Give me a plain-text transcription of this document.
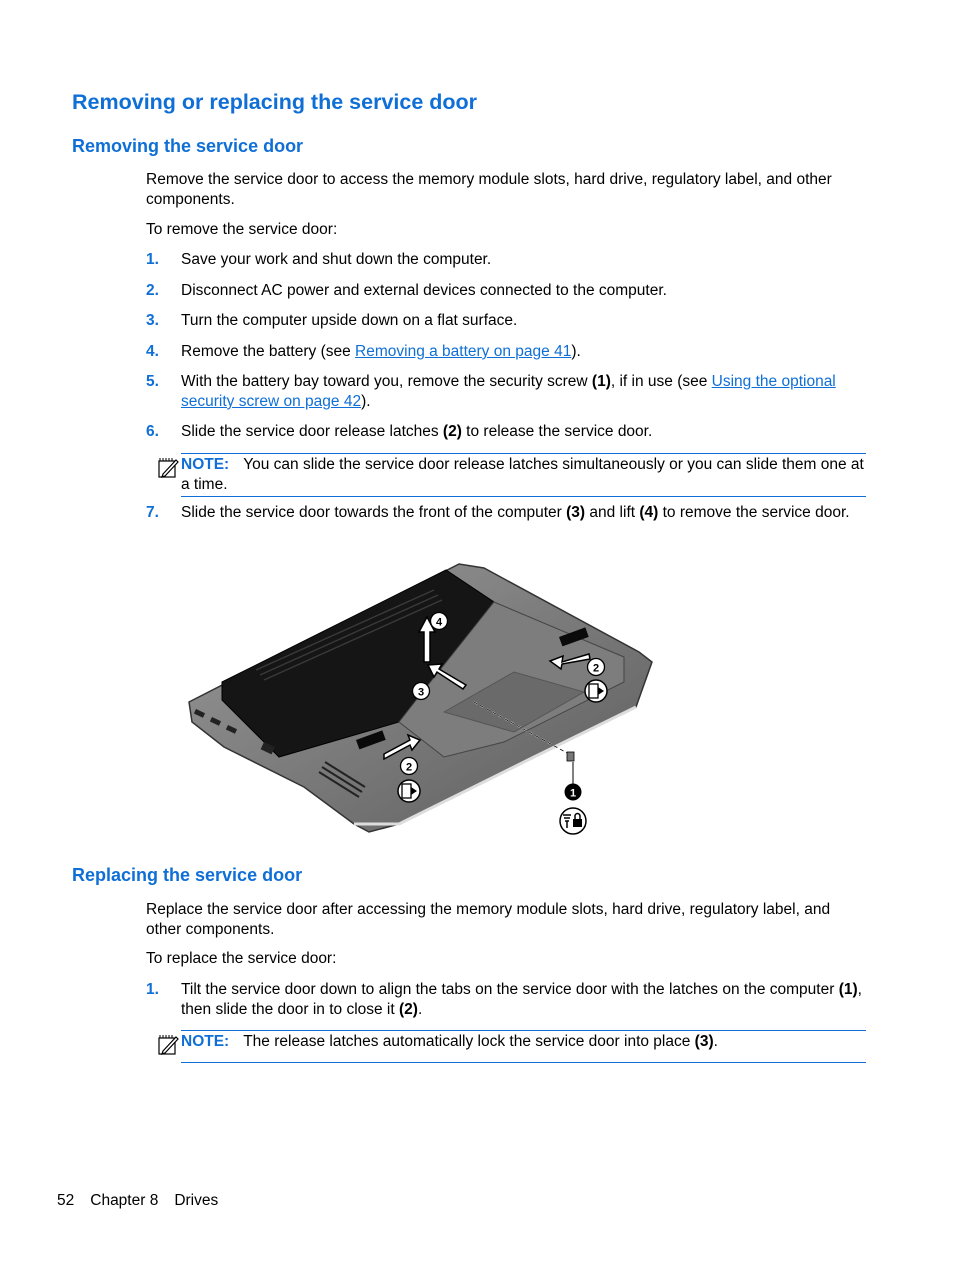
Removing or replacing the service door
Removing the service door

Remove the service door to access the memory module slots, hard drive, regulatory label, and other components.

To remove the service door:

1. Save your work and shut down the computer.
2. Disconnect AC power and external devices connected to the computer.
3. Turn the computer upside down on a flat surface.
4. Remove the battery (see Removing a battery on page 41).
5. With the battery bay toward you, remove the security screw (1), if in use (see Using the optional security screw on page 42).
6. Slide the service door release latches (2) to release the service door.
NOTE: You can slide the service door release latches simultaneously or you can slide them one at a time.
7. Slide the service door towards the front of the computer (3) and lift (4) to remove the service door.
4
3
2
2
1
Replacing the service door

Replace the service door after accessing the memory module slots, hard drive, regulatory label, and other components.

To replace the service door:

1. Tilt the service door down to align the tabs on the service door with the latches on the computer (1), then slide the door in to close it (2).
NOTE: The release latches automatically lock the service door into place (3).
52 Chapter 8 Drives
